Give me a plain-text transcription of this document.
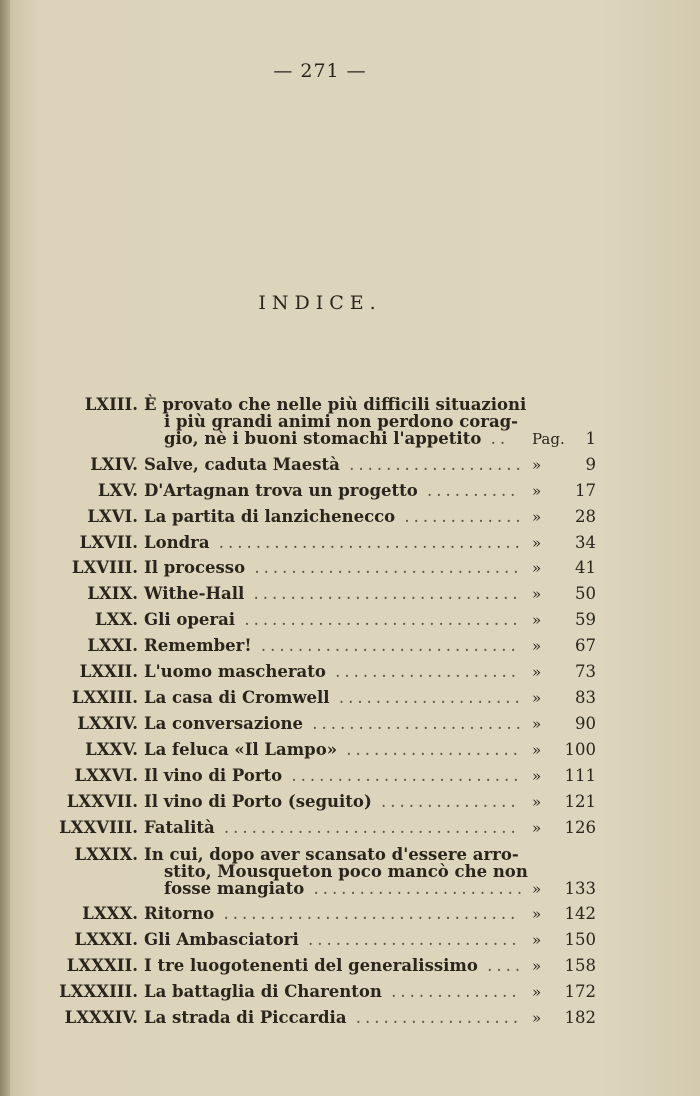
— 271 —
INDICE.
LXIII. È provato che nelle più difficili situazioni
i più grandi animi non perdono corag-
gio, nè i buoni stomachi l'appetito .. Pag.	1
LXIV. Salve, caduta Maestà ................... »	9
LXV. D'Artagnan trova un progetto .......... »	17
LXVI. La partita di lanzichenecco ............. »	28
LXVII. Londra ................................. »	34
LXVIII. Il processo ............................. »	41
LXIX. Withe-Hall ............................. »	50
LXX. Gli operai .............................. »	59
LXXI. Remember! ............................ »	67
LXXII. L'uomo mascherato .................... »	73
LXXIII. La casa di Cromwell .................... »	83
LXXIV. La conversazione ....................... »	90
LXXV. La feluca «Il Lampo» ................... »	100
LXXVI. Il vino di Porto ......................... »	111
LXXVII. Il vino di Porto (seguito) ............... »	121
LXXVIII. Fatalità ................................ »	126
LXXIX. In cui, dopo aver scansato d'essere arro-
stito, Mousqueton poco mancò che non
fosse mangiato ....................... »	133
LXXX. Ritorno ................................ »	142
LXXXI. Gli Ambasciatori ....................... »	150
LXXXII. I tre luogotenenti del generalissimo .... »	158
LXXXIII. La battaglia di Charenton .............. »	172
LXXXIV. La strada di Piccardia .................. »	182
